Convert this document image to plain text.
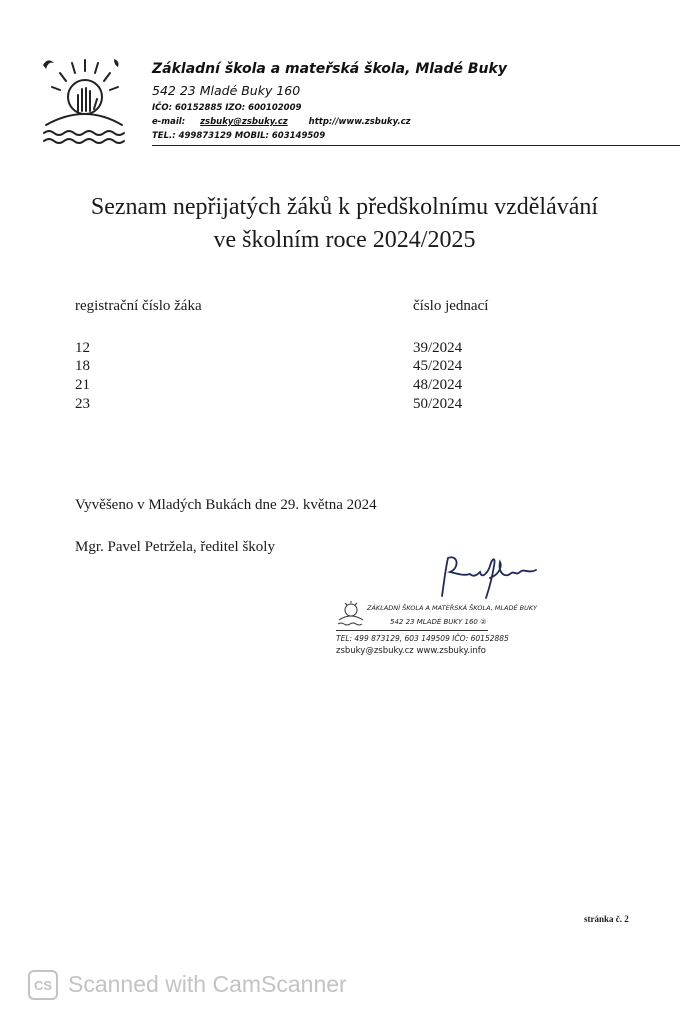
Základní škola a mateřská škola, Mladé Buky
542 23 Mladé Buky 160
IČO: 60152885 IZO: 600102009
e-mail: zsbuky@zsbuky.cz http://www.zsbuky.cz
TEL.: 499873129 MOBIL: 603149509
Seznam nepřijatých žáků k předškolnímu vzdělávání
ve školním roce 2024/2025
registrační číslo žáka	číslo jednací
12	39/2024
18	45/2024
21	48/2024
23	50/2024
Vyvěšeno v Mladých Bukách dne 29. května 2024
Mgr. Pavel Petržela, ředitel školy
ZÁKLADNÍ ŠKOLA A MATEŘSKÁ ŠKOLA, MLADÉ BUKY
542 23 MLADÉ BUKY 160 ②
TEL: 499 873129, 603 149509 IČO: 60152885
zsbuky@zsbuky.cz www.zsbuky.info
stránka č. 2
CS Scanned with CamScanner
